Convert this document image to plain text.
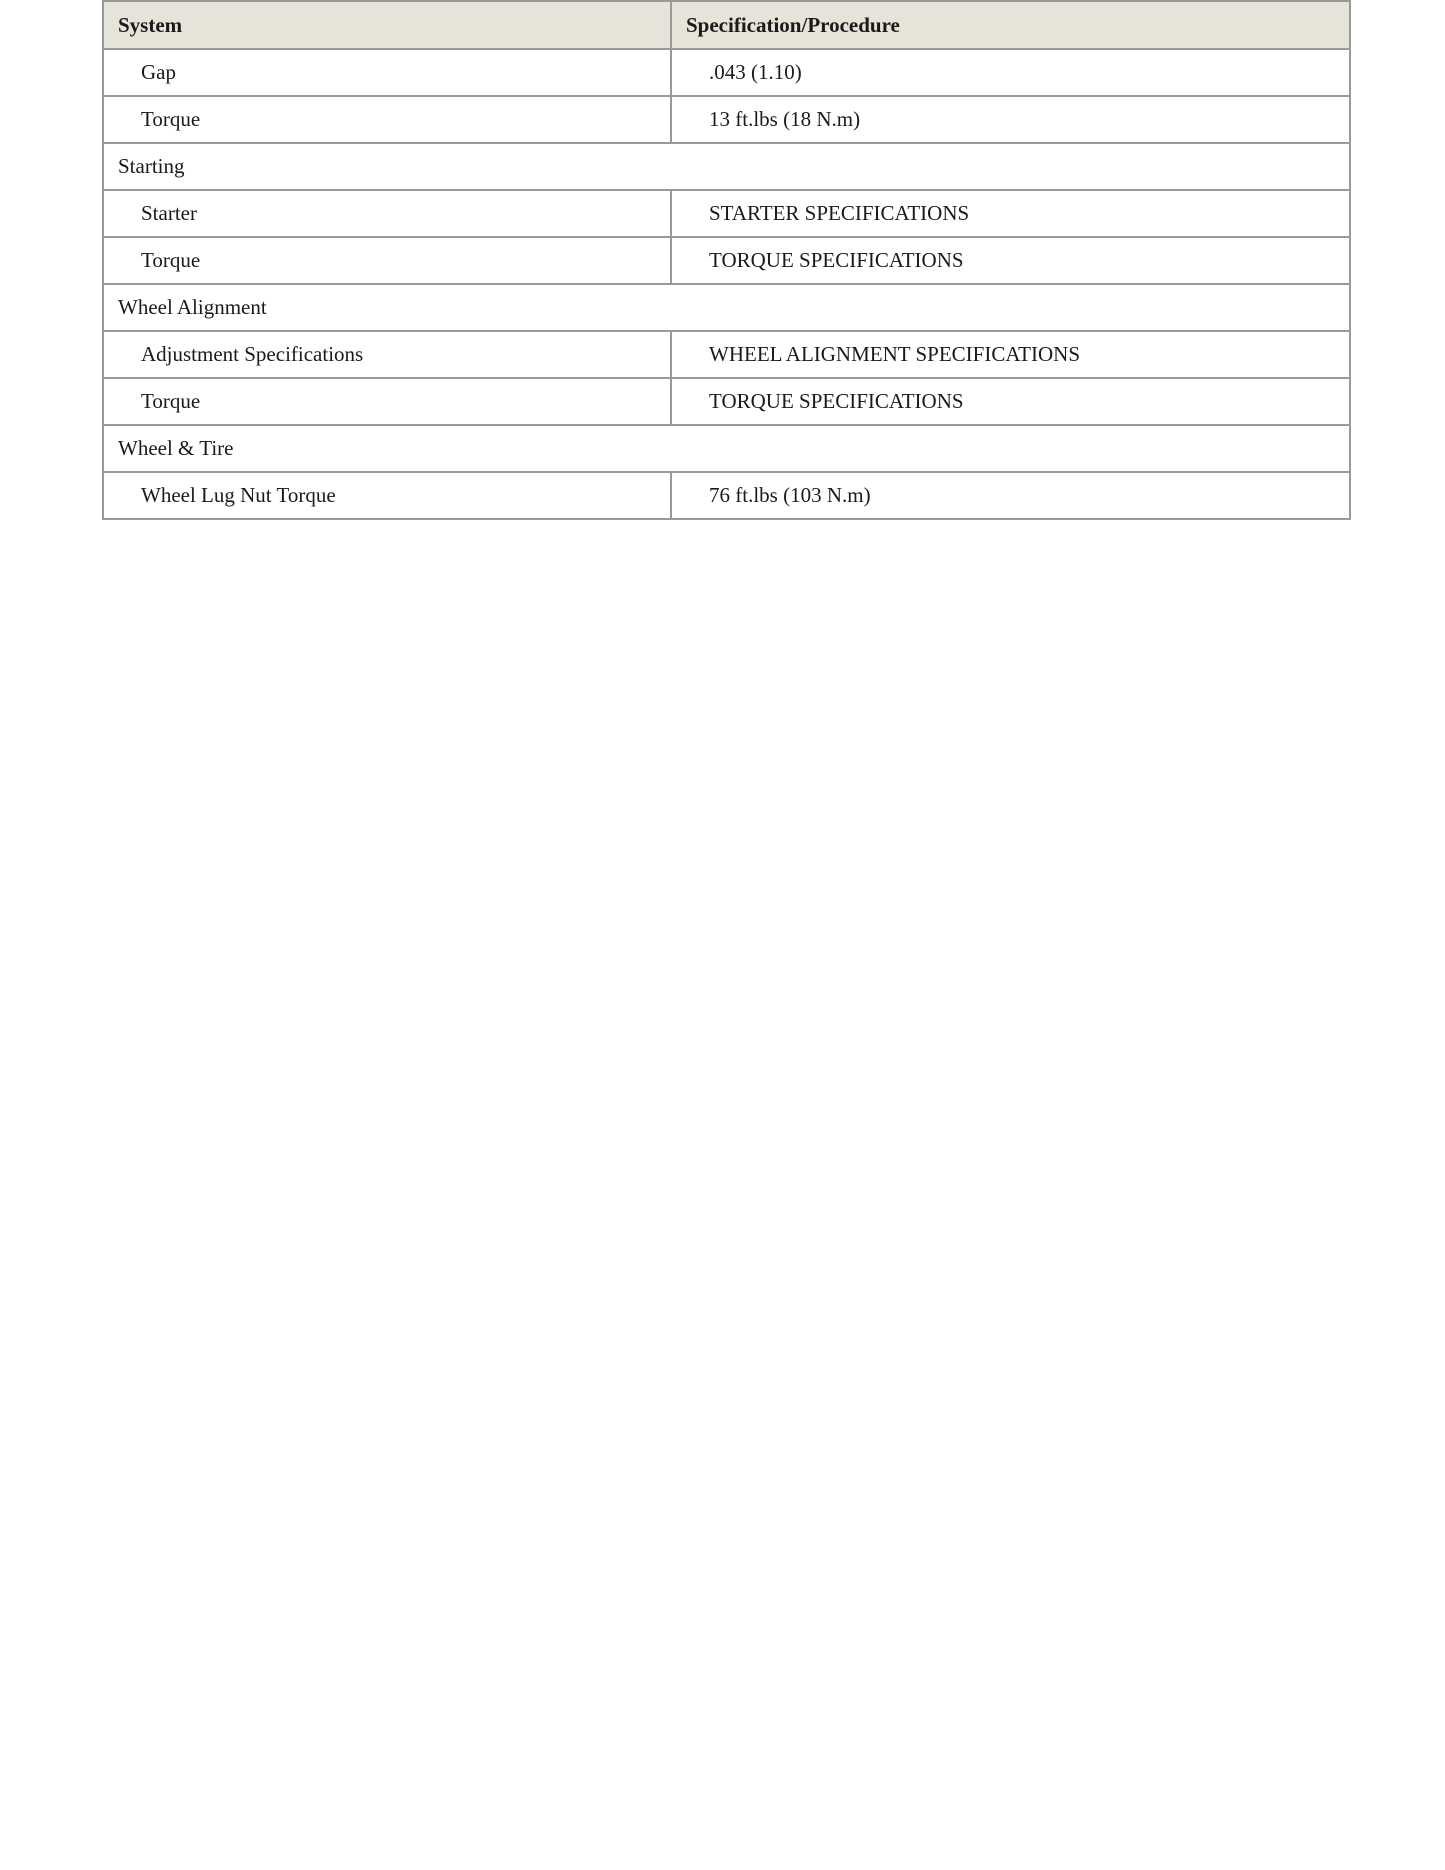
System	Specification/Procedure
Gap	.043 (1.10)
Torque	13 ft.lbs (18 N.m)
Starting	
Starter	STARTER SPECIFICATIONS
Torque	TORQUE SPECIFICATIONS
Wheel Alignment	
Adjustment Specifications	WHEEL ALIGNMENT SPECIFICATIONS
Torque	TORQUE SPECIFICATIONS
Wheel & Tire	
Wheel Lug Nut Torque	76 ft.lbs (103 N.m)
